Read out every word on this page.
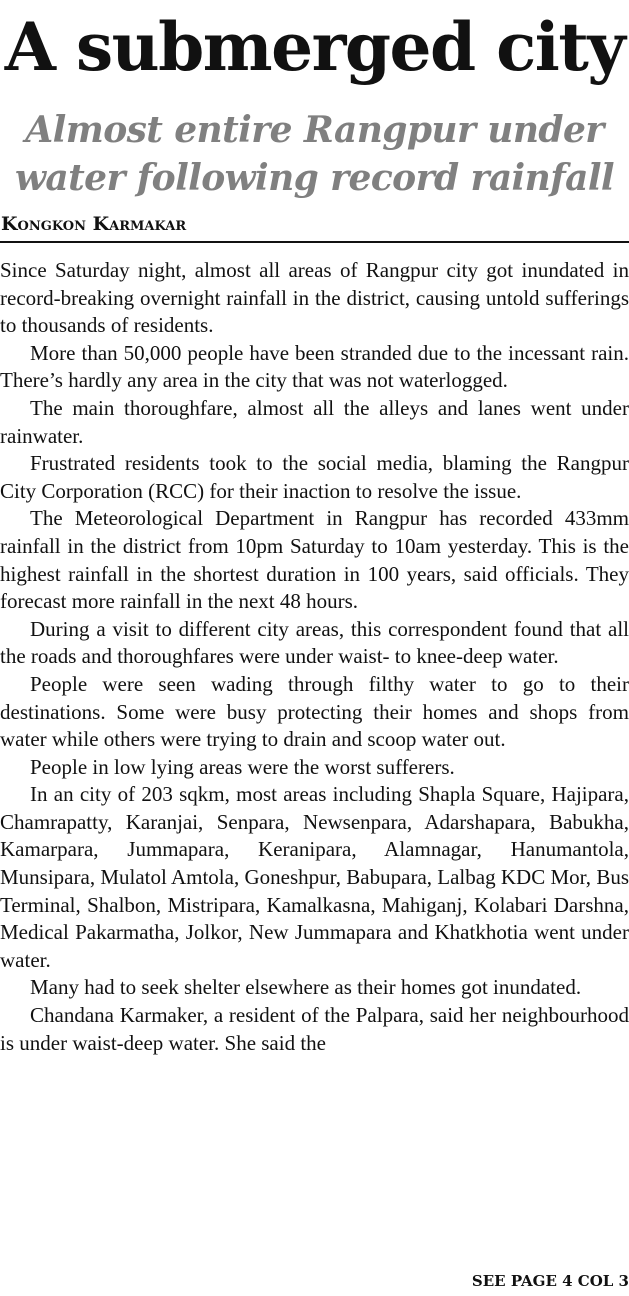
A submerged city
Almost entire Rangpur under water following record rainfall
Kongkon Karmakar

Since Saturday night, almost all areas of Rangpur city got inundated in record-breaking overnight rainfall in the district, causing untold sufferings to thousands of residents.

More than 50,000 people have been stranded due to the incessant rain. There’s hardly any area in the city that was not waterlogged.

The main thoroughfare, almost all the alleys and lanes went under rainwater.

Frustrated residents took to the social media, blaming the Rangpur City Corporation (RCC) for their inaction to resolve the issue.

The Meteorological Department in Rangpur has recorded 433mm rainfall in the district from 10pm Saturday to 10am yesterday. This is the highest rainfall in the shortest duration in 100 years, said officials. They forecast more rainfall in the next 48 hours.

During a visit to different city areas, this correspondent found that all the roads and thoroughfares were under waist- to knee-deep water.

People were seen wading through filthy water to go to their destinations. Some were busy protecting their homes and shops from water while others were trying to drain and scoop water out.

People in low lying areas were the worst sufferers.

In an city of 203 sqkm, most areas including Shapla Square, Hajipara, Chamrapatty, Karanjai, Senpara, Newsenpara, Adarshapara, Babukha, Kamarpara, Jummapara, Keranipara, Alamnagar, Hanumantola, Munsipara, Mulatol Amtola, Goneshpur, Babupara, Lalbag KDC Mor, Bus Terminal, Shalbon, Mistripara, Kamalkasna, Mahiganj, Kolabari Darshna, Medical Pakarmatha, Jolkor, New Jummapara and Khatkhotia went under water.

Many had to seek shelter elsewhere as their homes got inundated.

Chandana Karmaker, a resident of the Palpara, said her neighbourhood is under waist-deep water. She said the

SEE PAGE 4 COL 3
